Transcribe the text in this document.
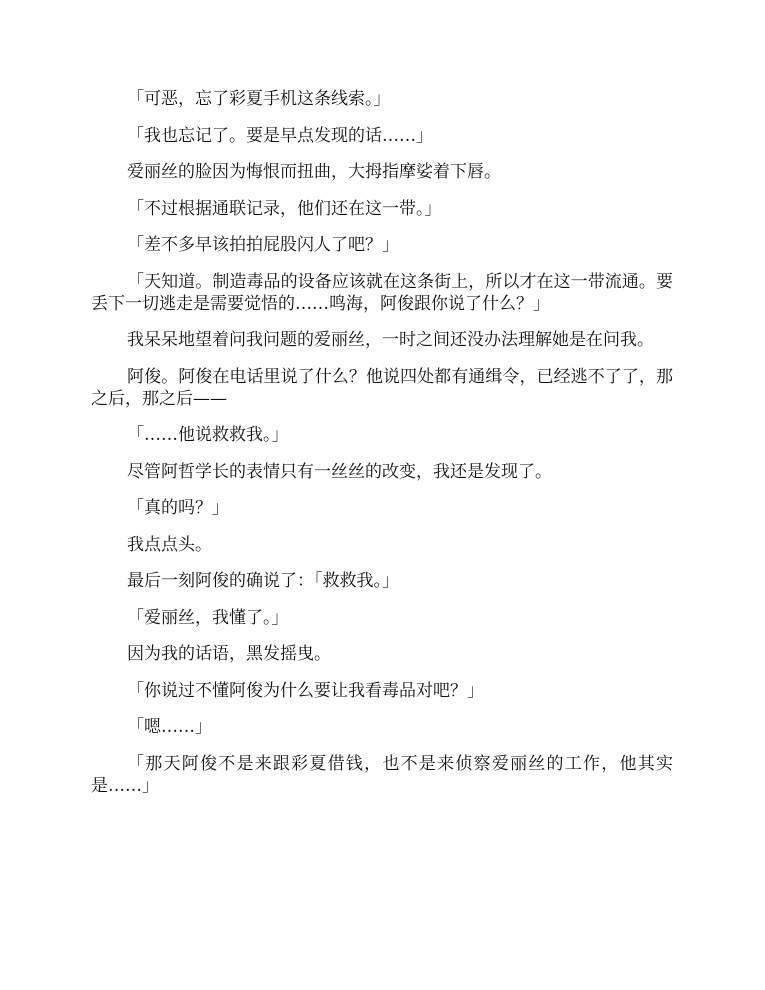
「可恶，忘了彩夏手机这条线索。」

「我也忘记了。要是早点发现的话……」

爱丽丝的脸因为悔恨而扭曲，大拇指摩娑着下唇。

「不过根据通联记录，他们还在这一带。」

「差不多早该拍拍屁股闪人了吧？」

「天知道。制造毒品的设备应该就在这条街上，所以才在这一带流通。要丢下一切逃走是需要觉悟的……鸣海，阿俊跟你说了什么？」

我呆呆地望着问我问题的爱丽丝，一时之间还没办法理解她是在问我。

阿俊。阿俊在电话里说了什么？他说四处都有通缉令，已经逃不了了，那之后，那之后——

「……他说救救我。」

尽管阿哲学长的表情只有一丝丝的改变，我还是发现了。

「真的吗？」

我点点头。

最后一刻阿俊的确说了：「救救我。」

「爱丽丝，我懂了。」

因为我的话语，黑发摇曳。

「你说过不懂阿俊为什么要让我看毒品对吧？」

「嗯……」

「那天阿俊不是来跟彩夏借钱，也不是来侦察爱丽丝的工作，他其实是……」
